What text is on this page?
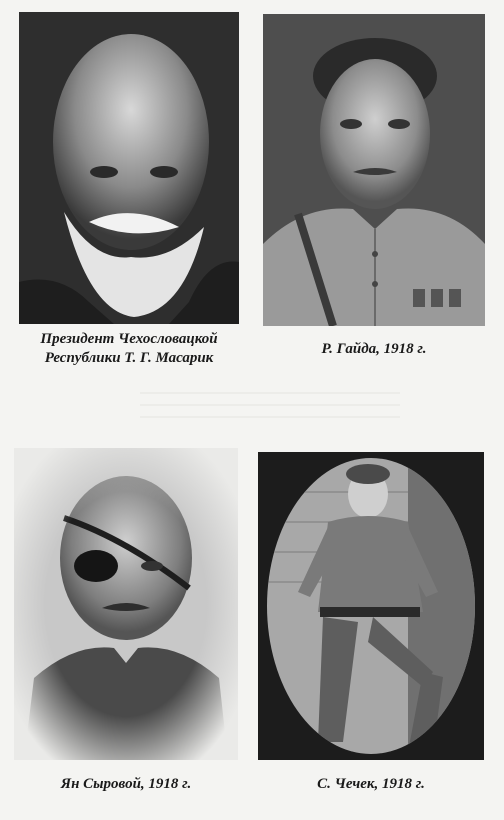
Президент Чехословацкой
Республики Т. Г. Масарик
Р. Гайда, 1918 г.
Ян Сыровой, 1918 г.	С. Чечек, 1918 г.
